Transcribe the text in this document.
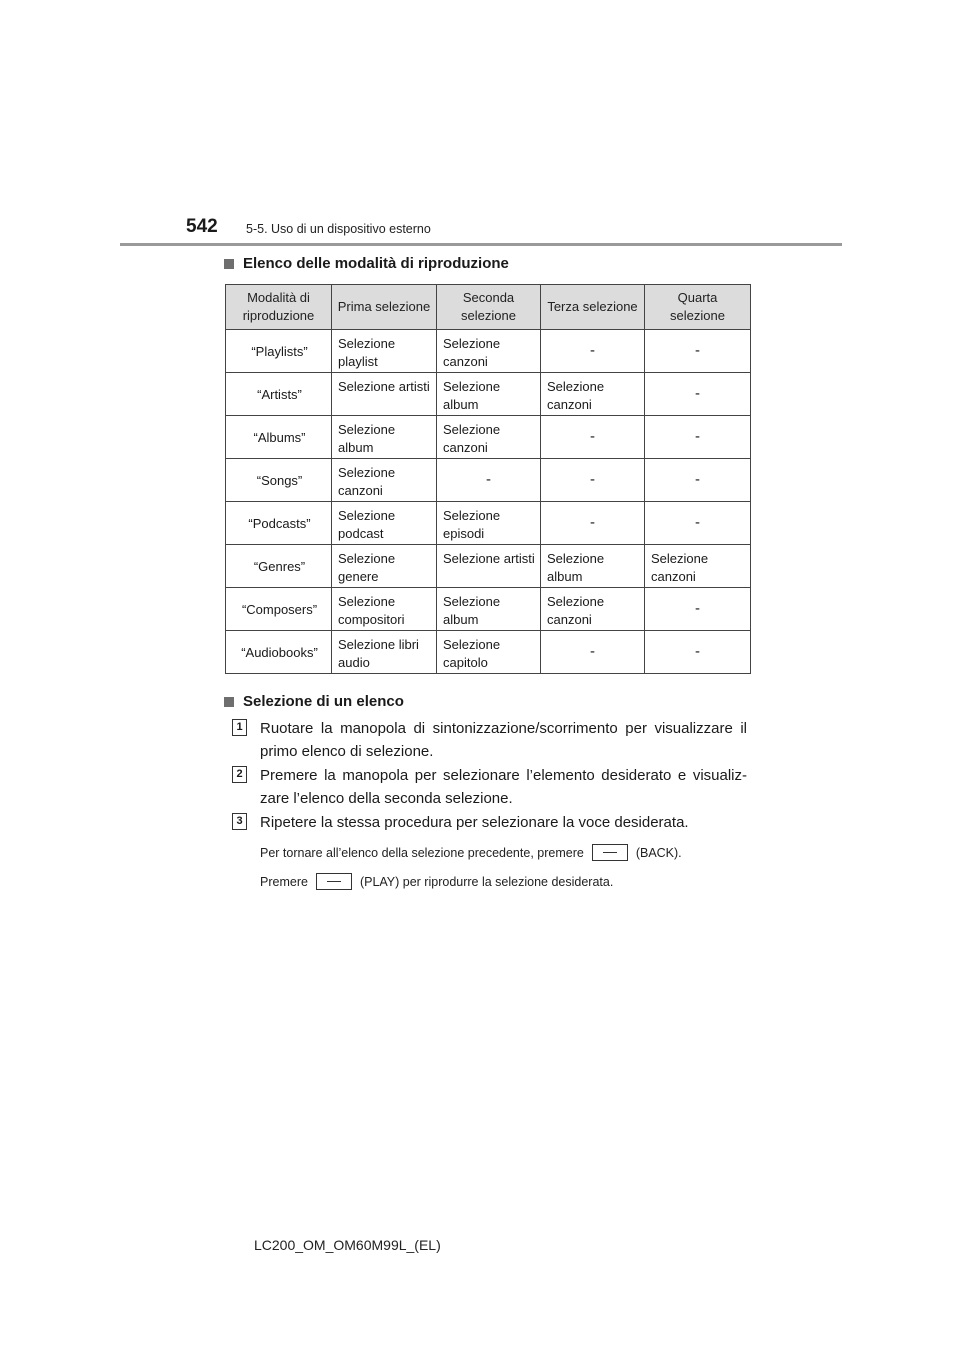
542 5-5. Uso di un dispositivo esterno
Elenco delle modalità di riproduzione
Modalità di riproduzione	Prima selezione	Seconda selezione	Terza selezione	Quarta selezione
“Playlists”	Selezione playlist	Selezione canzoni	-	-
“Artists”	Selezione artisti	Selezione album	Selezione canzoni	-
“Albums”	Selezione album	Selezione canzoni	-	-
“Songs”	Selezione canzoni	-	-	-
“Podcasts”	Selezione podcast	Selezione episodi	-	-
“Genres”	Selezione genere	Selezione artisti	Selezione album	Selezione canzoni
“Composers”	Selezione compositori	Selezione album	Selezione canzoni	-
“Audiobooks”	Selezione libri audio	Selezione capitolo	-	-
Selezione di un elenco
1 Ruotare la manopola di sintonizzazione/scorrimento per visualizzare il primo elenco di selezione.
2 Premere la manopola per selezionare l’elemento desiderato e visualiz-zare l’elenco della seconda selezione.
3 Ripetere la stessa procedura per selezionare la voce desiderata.
Per tornare all’elenco della selezione precedente, premere	(BACK).
Premere	(PLAY) per riprodurre la selezione desiderata.
LC200_OM_OM60M99L_(EL)
